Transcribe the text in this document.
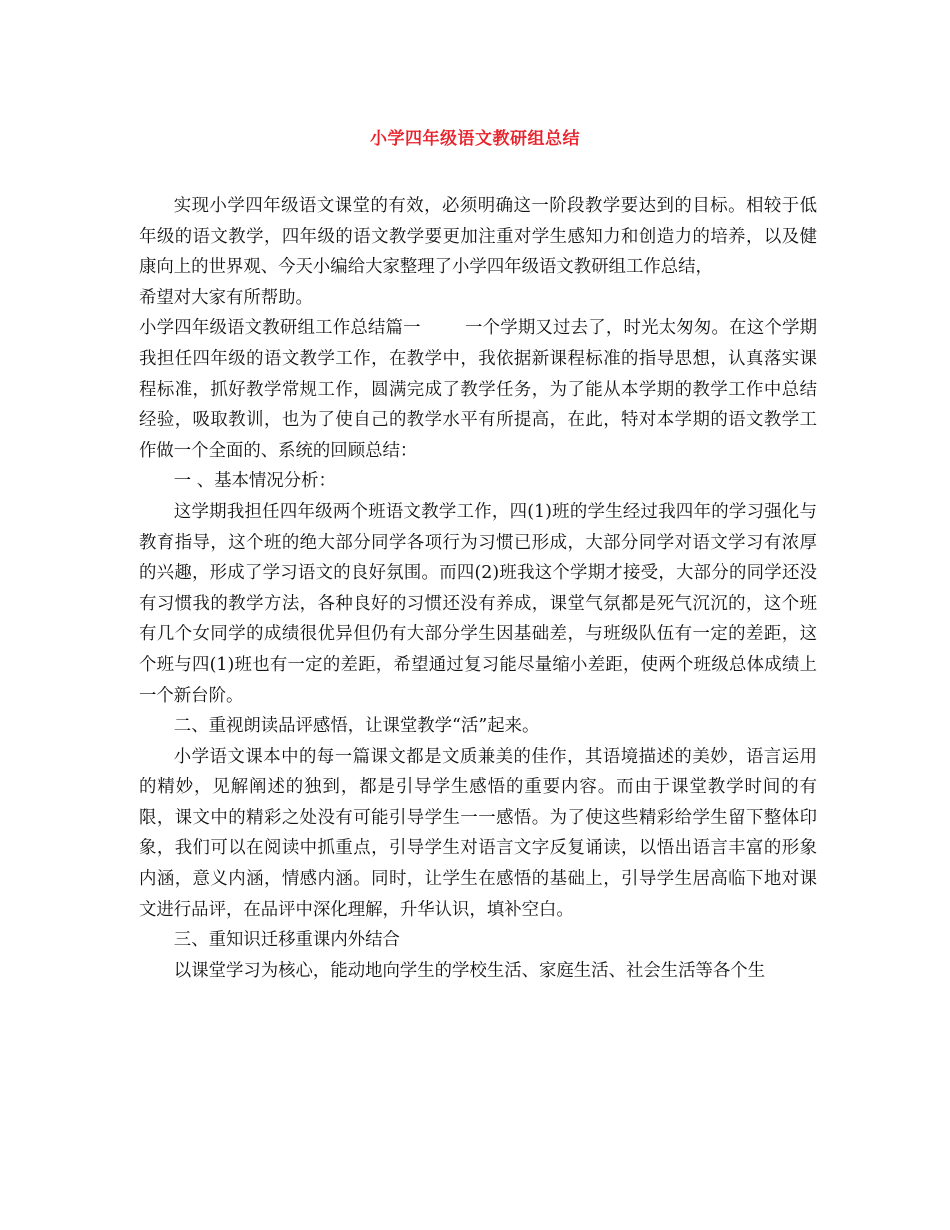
小学四年级语文教研组总结

实现小学四年级语文课堂的有效，必须明确这一阶段教学要达到的目标。相较于低年级的语文教学，四年级的语文教学要更加注重对学生感知力和创造力的培养，以及健康向上的世界观、今天小编给大家整理了小学四年级语文教研组工作总结，

希望对大家有所帮助。

小学四年级语文教研组工作总结篇一	一个学期又过去了，时光太匆匆。在这个学期我担任四年级的语文教学工作，在教学中，我依据新课程标准的指导思想，认真落实课程标准，抓好教学常规工作，圆满完成了教学任务，为了能从本学期的教学工作中总结经验，吸取教训，也为了使自己的教学水平有所提高，在此，特对本学期的语文教学工作做一个全面的、系统的回顾总结：

一 、基本情况分析：

这学期我担任四年级两个班语文教学工作，四(1)班的学生经过我四年的学习强化与教育指导，这个班的绝大部分同学各项行为习惯已形成，大部分同学对语文学习有浓厚的兴趣，形成了学习语文的良好氛围。而四(2)班我这个学期才接受，大部分的同学还没有习惯我的教学方法，各种良好的习惯还没有养成，课堂气氛都是死气沉沉的，这个班有几个女同学的成绩很优异但仍有大部分学生因基础差，与班级队伍有一定的差距，这个班与四(1)班也有一定的差距，希望通过复习能尽量缩小差距，使两个班级总体成绩上一个新台阶。

二、重视朗读品评感悟，让课堂教学“活”起来。

小学语文课本中的每一篇课文都是文质兼美的佳作，其语境描述的美妙，语言运用的精妙，见解阐述的独到，都是引导学生感悟的重要内容。而由于课堂教学时间的有限，课文中的精彩之处没有可能引导学生一一感悟。为了使这些精彩给学生留下整体印象，我们可以在阅读中抓重点，引导学生对语言文字反复诵读，以悟出语言丰富的形象内涵，意义内涵，情感内涵。同时，让学生在感悟的基础上，引导学生居高临下地对课文进行品评，在品评中深化理解，升华认识，填补空白。

三、重知识迁移重课内外结合

以课堂学习为核心，能动地向学生的学校生活、家庭生活、社会生活等各个生
